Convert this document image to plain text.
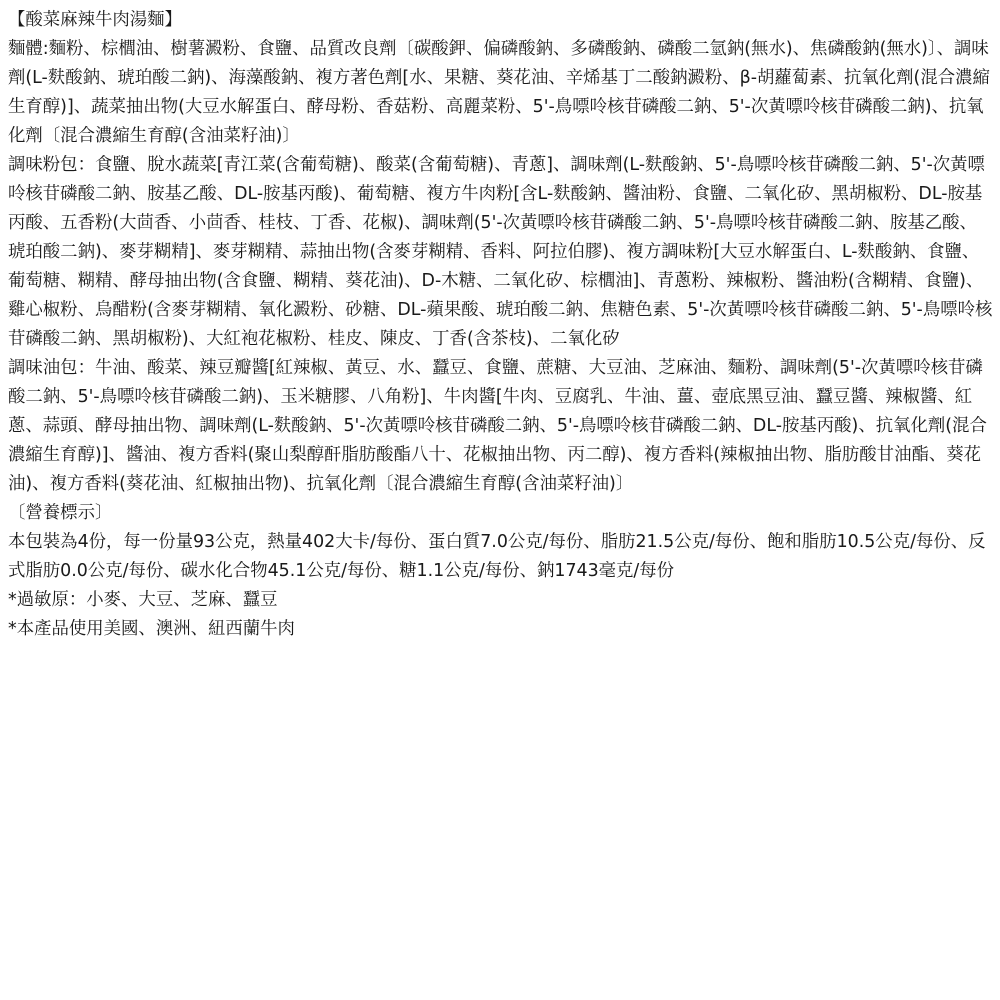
【酸菜麻辣牛肉湯麵】

麵體:麵粉、棕櫚油、樹薯澱粉、食鹽、品質改良劑〔碳酸鉀、偏磷酸鈉、多磷酸鈉、磷酸二氫鈉(無水)、焦磷酸鈉(無水)〕、調味劑(L-麩酸鈉、琥珀酸二鈉)、海藻酸鈉、複方著色劑[水、果糖、葵花油、辛烯基丁二酸鈉澱粉、β-胡蘿蔔素、抗氧化劑(混合濃縮生育醇)]、蔬菜抽出物(大豆水解蛋白、酵母粉、香菇粉、高麗菜粉、5'-鳥嘌呤核苷磷酸二鈉、5'-次黃嘌呤核苷磷酸二鈉)、抗氧化劑〔混合濃縮生育醇(含油菜籽油)〕

調味粉包：食鹽、脫水蔬菜[青江菜(含葡萄糖)、酸菜(含葡萄糖)、青蔥]、調味劑(L-麩酸鈉、5'-鳥嘌呤核苷磷酸二鈉、5'-次黃嘌呤核苷磷酸二鈉、胺基乙酸、DL-胺基丙酸)、葡萄糖、複方牛肉粉[含L-麩酸鈉、醬油粉、食鹽、二氧化矽、黑胡椒粉、DL-胺基丙酸、五香粉(大茴香、小茴香、桂枝、丁香、花椒)、調味劑(5'-次黃嘌呤核苷磷酸二鈉、5'-鳥嘌呤核苷磷酸二鈉、胺基乙酸、琥珀酸二鈉)、麥芽糊精]、麥芽糊精、蒜抽出物(含麥芽糊精、香料、阿拉伯膠)、複方調味粉[大豆水解蛋白、L-麩酸鈉、食鹽、葡萄糖、糊精、酵母抽出物(含食鹽、糊精、葵花油)、D-木糖、二氧化矽、棕櫚油]、青蔥粉、辣椒粉、醬油粉(含糊精、食鹽)、雞心椒粉、烏醋粉(含麥芽糊精、氧化澱粉、砂糖、DL-蘋果酸、琥珀酸二鈉、焦糖色素、5'-次黃嘌呤核苷磷酸二鈉、5'-鳥嘌呤核苷磷酸二鈉、黑胡椒粉)、大紅袍花椒粉、桂皮、陳皮、丁香(含茶枝)、二氧化矽

調味油包：牛油、酸菜、辣豆瓣醬[紅辣椒、黃豆、水、蠶豆、食鹽、蔗糖、大豆油、芝麻油、麵粉、調味劑(5'-次黃嘌呤核苷磷酸二鈉、5'-鳥嘌呤核苷磷酸二鈉)、玉米糖膠、八角粉]、牛肉醬[牛肉、豆腐乳、牛油、薑、壺底黑豆油、蠶豆醬、辣椒醬、紅蔥、蒜頭、酵母抽出物、調味劑(L-麩酸鈉、5'-次黃嘌呤核苷磷酸二鈉、5'-鳥嘌呤核苷磷酸二鈉、DL-胺基丙酸)、抗氧化劑(混合濃縮生育醇)]、醬油、複方香料(聚山梨醇酐脂肪酸酯八十、花椒抽出物、丙二醇)、複方香料(辣椒抽出物、脂肪酸甘油酯、葵花油)、複方香料(葵花油、紅椒抽出物)、抗氧化劑〔混合濃縮生育醇(含油菜籽油)〕

〔營養標示〕

本包裝為4份，每一份量93公克，熱量402大卡/每份、蛋白質7.0公克/每份、脂肪21.5公克/每份、飽和脂肪10.5公克/每份、反式脂肪0.0公克/每份、碳水化合物45.1公克/每份、糖1.1公克/每份、鈉1743毫克/每份

*過敏原：小麥、大豆、芝麻、蠶豆

*本產品使用美國、澳洲、紐西蘭牛肉
